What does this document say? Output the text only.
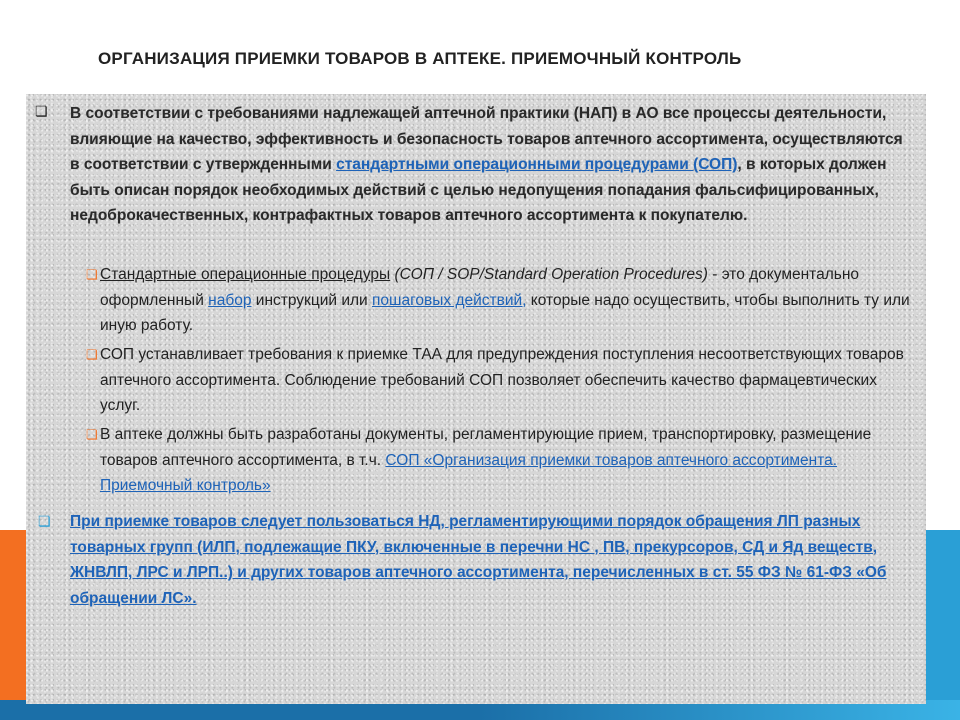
ОРГАНИЗАЦИЯ ПРИЕМКИ ТОВАРОВ В АПТЕКЕ. ПРИЕМОЧНЫЙ КОНТРОЛЬ
❏ В соответствии с требованиями надлежащей аптечной практики (НАП) в АО все процессы деятельности, влияющие на качество, эффективность и безопасность товаров аптечного ассортимента, осуществляются в соответствии с утвержденными стандартными операционными процедурами (СОП), в которых должен быть описан порядок необходимых действий с целью недопущения попадания фальсифицированных, недоброкачественных, контрафактных товаров аптечного ассортимента к покупателю.
❏ Стандартные операционные процедуры (СОП / SOP/Standard Operation Procedures) - это документально оформленный набор инструкций или пошаговых действий, которые надо осуществить, чтобы выполнить ту или иную работу.
❏ СОП устанавливает требования к приемке ТАА для предупреждения поступления несоответствующих товаров аптечного ассортимента. Соблюдение требований СОП позволяет обеспечить качество фармацевтических услуг.
❏ В аптеке должны быть разработаны документы, регламентирующие прием, транспортировку, размещение товаров аптечного ассортимента, в т.ч. СОП «Организация приемки товаров аптечного ассортимента. Приемочный контроль»
❏ При приемке товаров следует пользоваться НД, регламентирующими порядок обращения ЛП разных товарных групп (ИЛП, подлежащие ПКУ, включенные в перечни НС , ПВ, прекурсоров, СД и Яд веществ, ЖНВЛП, ЛРС и ЛРП..) и других товаров аптечного ассортимента, перечисленных в ст. 55 ФЗ № 61-ФЗ «Об обращении ЛС».
